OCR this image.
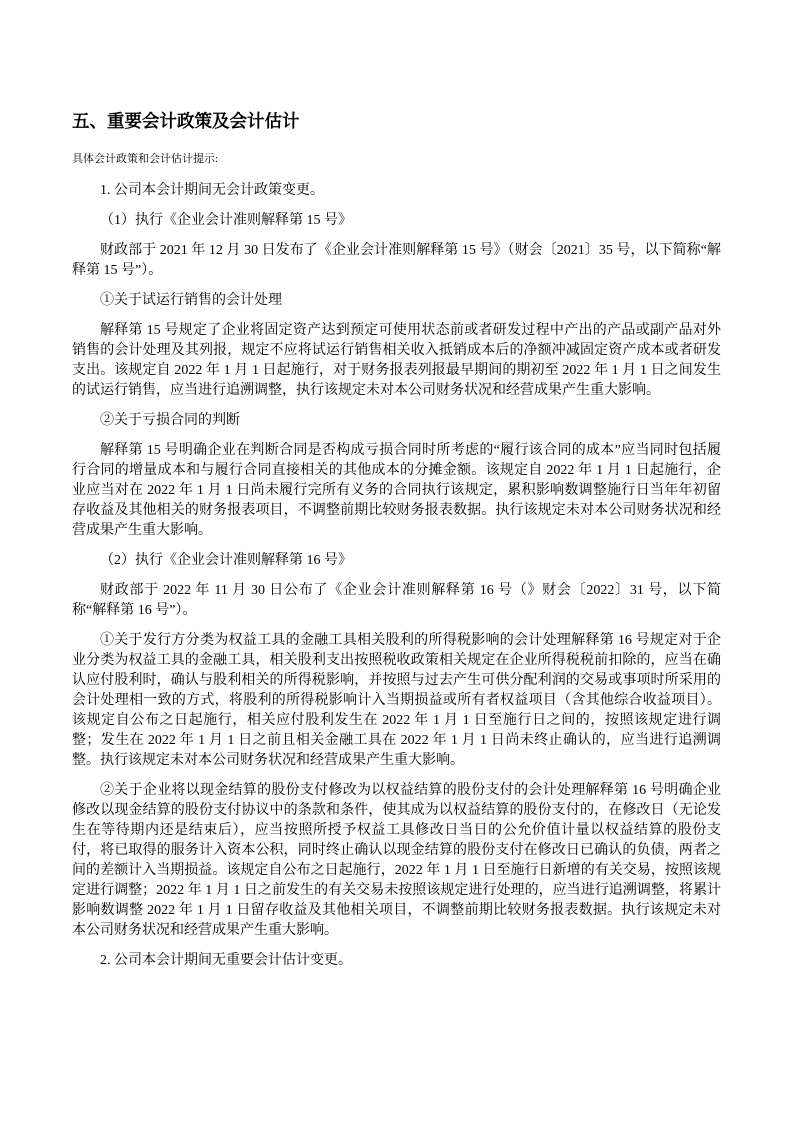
五、重要会计政策及会计估计

具体会计政策和会计估计提示:

1. 公司本会计期间无会计政策变更。

（1）执行《企业会计准则解释第 15 号》

财政部于 2021 年 12 月 30 日发布了《企业会计准则解释第 15 号》（财会〔2021〕35 号，以下简称“解释第 15 号”）。

①关于试运行销售的会计处理

解释第 15 号规定了企业将固定资产达到预定可使用状态前或者研发过程中产出的产品或副产品对外销售的会计处理及其列报，规定不应将试运行销售相关收入抵销成本后的净额冲减固定资产成本或者研发支出。该规定自 2022 年 1 月 1 日起施行，对于财务报表列报最早期间的期初至 2022 年 1 月 1 日之间发生的试运行销售，应当进行追溯调整，执行该规定未对本公司财务状况和经营成果产生重大影响。

②关于亏损合同的判断

解释第 15 号明确企业在判断合同是否构成亏损合同时所考虑的“履行该合同的成本”应当同时包括履行合同的增量成本和与履行合同直接相关的其他成本的分摊金额。该规定自 2022 年 1 月 1 日起施行，企业应当对在 2022 年 1 月 1 日尚未履行完所有义务的合同执行该规定，累积影响数调整施行日当年年初留存收益及其他相关的财务报表项目，不调整前期比较财务报表数据。执行该规定未对本公司财务状况和经营成果产生重大影响。

（2）执行《企业会计准则解释第 16 号》

财政部于 2022 年 11 月 30 日公布了《企业会计准则解释第 16 号（》财会〔2022〕31 号，以下简称“解释第 16 号”）。

①关于发行方分类为权益工具的金融工具相关股利的所得税影响的会计处理解释第 16 号规定对于企业分类为权益工具的金融工具，相关股利支出按照税收政策相关规定在企业所得税税前扣除的，应当在确认应付股利时，确认与股利相关的所得税影响，并按照与过去产生可供分配利润的交易或事项时所采用的会计处理相一致的方式，将股利的所得税影响计入当期损益或所有者权益项目（含其他综合收益项目）。该规定自公布之日起施行，相关应付股利发生在 2022 年 1 月 1 日至施行日之间的，按照该规定进行调整；发生在 2022 年 1 月 1 日之前且相关金融工具在 2022 年 1 月 1 日尚未终止确认的，应当进行追溯调整。执行该规定未对本公司财务状况和经营成果产生重大影响。

②关于企业将以现金结算的股份支付修改为以权益结算的股份支付的会计处理解释第 16 号明确企业修改以现金结算的股份支付协议中的条款和条件，使其成为以权益结算的股份支付的，在修改日（无论发生在等待期内还是结束后），应当按照所授予权益工具修改日当日的公允价值计量以权益结算的股份支付，将已取得的服务计入资本公积，同时终止确认以现金结算的股份支付在修改日已确认的负债，两者之间的差额计入当期损益。该规定自公布之日起施行，2022 年 1 月 1 日至施行日新增的有关交易，按照该规定进行调整；2022 年 1 月 1 日之前发生的有关交易未按照该规定进行处理的，应当进行追溯调整，将累计影响数调整 2022 年 1 月 1 日留存收益及其他相关项目，不调整前期比较财务报表数据。执行该规定未对本公司财务状况和经营成果产生重大影响。

2. 公司本会计期间无重要会计估计变更。
